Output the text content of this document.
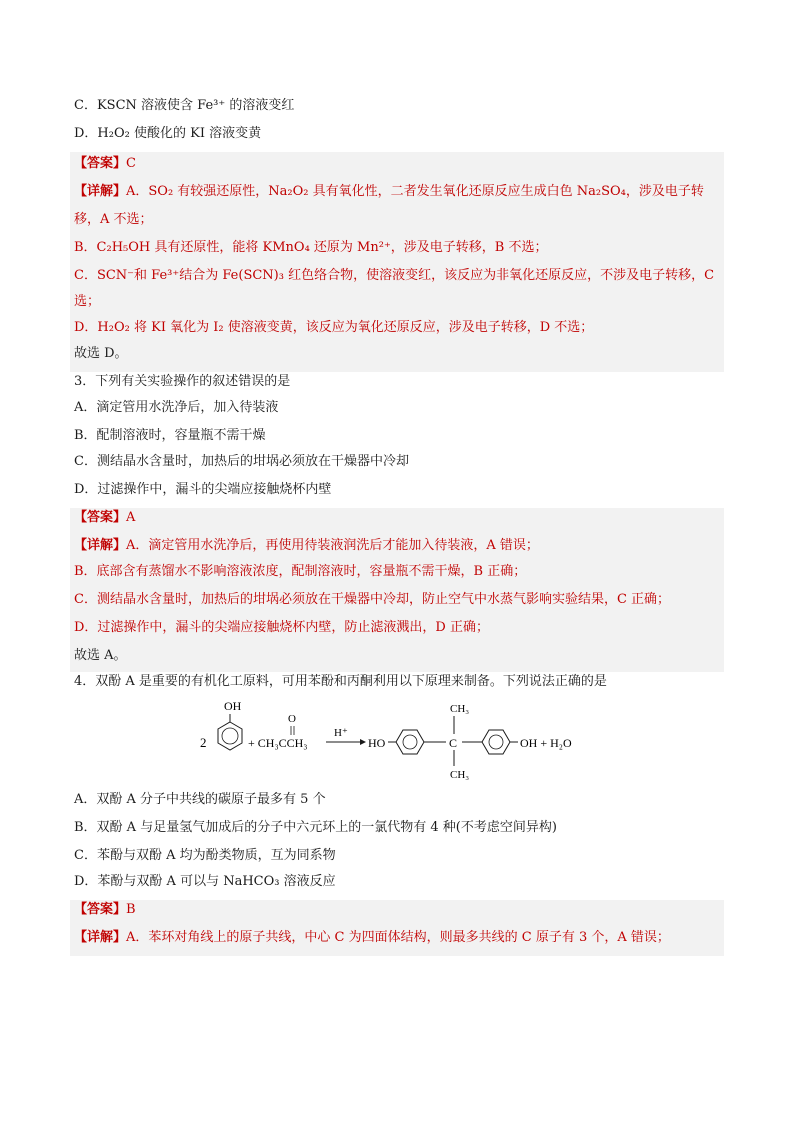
C．KSCN 溶液使含 Fe³⁺ 的溶液变红
D．H₂O₂ 使酸化的 KI 溶液变黄
【答案】C
【详解】A．SO₂ 有较强还原性，Na₂O₂ 具有氧化性，二者发生氧化还原反应生成白色 Na₂SO₄，涉及电子转
移，A 不选；
B．C₂H₅OH 具有还原性，能将 KMnO₄ 还原为 Mn²⁺，涉及电子转移，B 不选；
C．SCN⁻和 Fe³⁺结合为 Fe(SCN)₃ 红色络合物，使溶液变红，该反应为非氧化还原反应，不涉及电子转移，C
选；
D．H₂O₂ 将 KI 氧化为 I₂ 使溶液变黄，该反应为氧化还原反应，涉及电子转移，D 不选；
故选 D。
3．下列有关实验操作的叙述错误的是
A．滴定管用水洗净后，加入待装液
B．配制溶液时，容量瓶不需干燥
C．测结晶水含量时，加热后的坩埚必须放在干燥器中冷却
D．过滤操作中，漏斗的尖端应接触烧杯内壁
【答案】A
【详解】A．滴定管用水洗净后，再使用待装液润洗后才能加入待装液，A 错误；
B．底部含有蒸馏水不影响溶液浓度，配制溶液时，容量瓶不需干燥，B 正确；
C．测结晶水含量时，加热后的坩埚必须放在干燥器中冷却，防止空气中水蒸气影响实验结果，C 正确；
D．过滤操作中，漏斗的尖端应接触烧杯内壁，防止滤液溅出，D 正确；
故选 A。
4．双酚 A 是重要的有机化工原料，可用苯酚和丙酮利用以下原理来制备。下列说法正确的是
2
OH
+ CH₃CCH₃
O
H⁺
HO
CH₃
C
CH₃
OH + H₂O
A．双酚 A 分子中共线的碳原子最多有 5 个
B．双酚 A 与足量氢气加成后的分子中六元环上的一氯代物有 4 种(不考虑空间异构)
C．苯酚与双酚 A 均为酚类物质，互为同系物
D．苯酚与双酚 A 可以与 NaHCO₃ 溶液反应
【答案】B
【详解】A．苯环对角线上的原子共线，中心 C 为四面体结构，则最多共线的 C 原子有 3 个，A 错误；
